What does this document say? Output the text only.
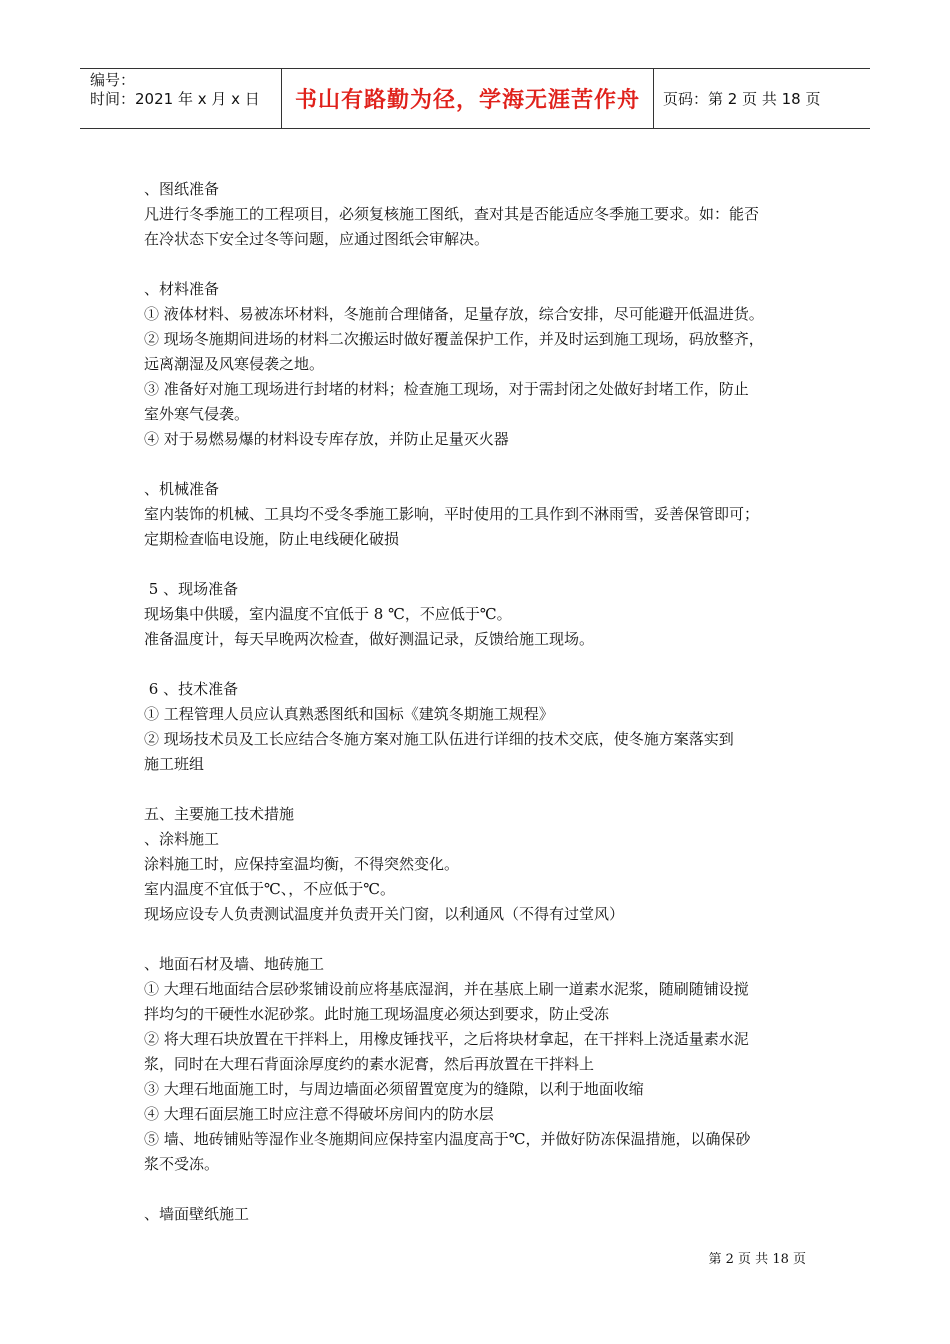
编号：
时间：2021 年 x 月 x 日	书山有路勤为径，学海无涯苦作舟	页码：第 2 页 共 18 页

、图纸准备

凡进行冬季施工的工程项目，必须复核施工图纸，查对其是否能适应冬季施工要求。如：能否

在冷状态下安全过冬等问题，应通过图纸会审解决。

、材料准备

① 液体材料、易被冻坏材料，冬施前合理储备，足量存放，综合安排，尽可能避开低温进货。

② 现场冬施期间进场的材料二次搬运时做好覆盖保护工作，并及时运到施工现场，码放整齐，

远离潮湿及风寒侵袭之地。

③ 准备好对施工现场进行封堵的材料；检查施工现场，对于需封闭之处做好封堵工作，防止

室外寒气侵袭。

④ 对于易燃易爆的材料设专库存放，并防止足量灭火器

、机械准备

室内装饰的机械、工具均不受冬季施工影响，平时使用的工具作到不淋雨雪，妥善保管即可；

定期检查临电设施，防止电线硬化破损

5 、现场准备

现场集中供暖，室内温度不宜低于 8 ℃，不应低于℃。

准备温度计，每天早晚两次检查，做好测温记录，反馈给施工现场。

6 、技术准备

① 工程管理人员应认真熟悉图纸和国标《建筑冬期施工规程》

② 现场技术员及工长应结合冬施方案对施工队伍进行详细的技术交底，使冬施方案落实到

施工班组

五、主要施工技术措施

、涂料施工

涂料施工时，应保持室温均衡，不得突然变化。

室内温度不宜低于℃、，不应低于℃。

现场应设专人负责测试温度并负责开关门窗，以利通风（不得有过堂风）

、地面石材及墙、地砖施工

① 大理石地面结合层砂浆铺设前应将基底湿润，并在基底上刷一道素水泥浆，随刷随铺设搅

拌均匀的干硬性水泥砂浆。此时施工现场温度必须达到要求，防止受冻

② 将大理石块放置在干拌料上，用橡皮锤找平，之后将块材拿起，在干拌料上浇适量素水泥

浆，同时在大理石背面涂厚度约的素水泥膏，然后再放置在干拌料上

③ 大理石地面施工时，与周边墙面必须留置宽度为的缝隙，以利于地面收缩

④ 大理石面层施工时应注意不得破坏房间内的防水层

⑤ 墙、地砖铺贴等湿作业冬施期间应保持室内温度高于℃，并做好防冻保温措施，以确保砂

浆不受冻。

、墙面壁纸施工

第 2 页 共 18 页
